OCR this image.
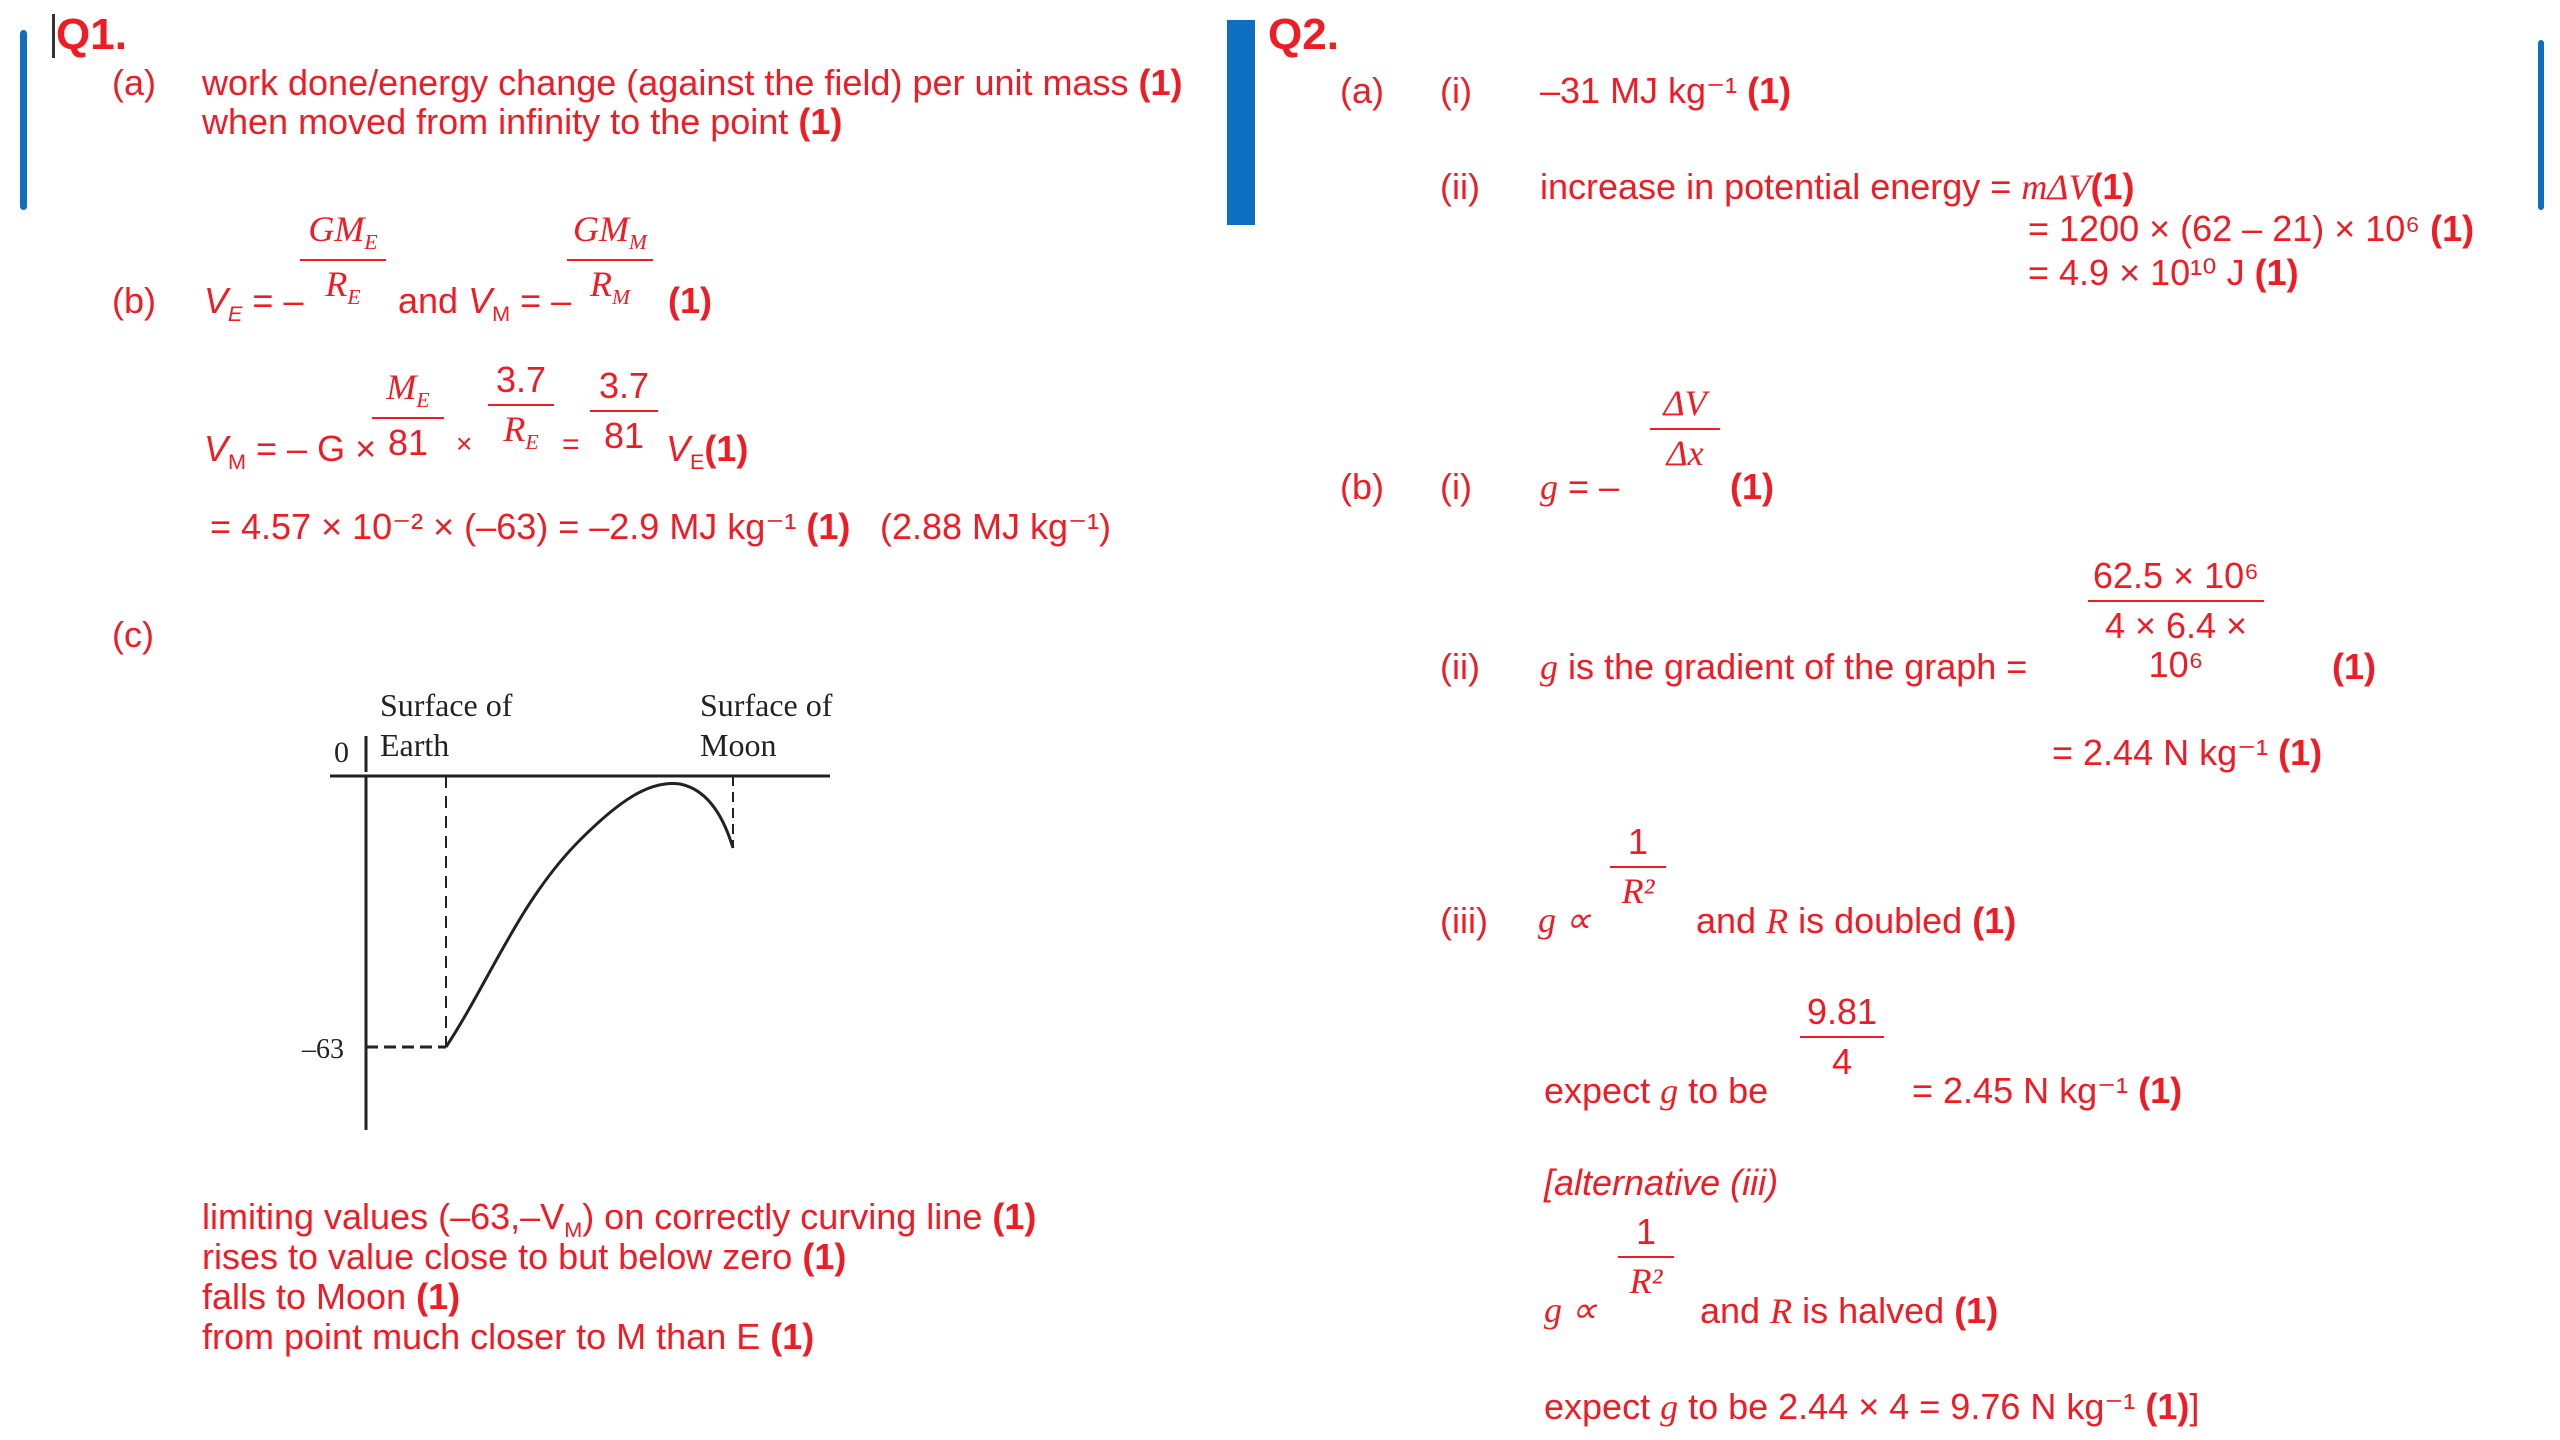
Q1.
(a) work done/energy change (against the field) per unit mass (1)
when moved from infinity to the point (1)
(b) $V_E$ = –
$GM_E$
$R_E$	and $V_M$ = –
$GM_M$
$R_M$	(1)
$V_M$ = – G ×
$\frac{M_E}{81} \times \frac{3.7}{R_E} = \frac{3.7}{81} V_E(1)$
= 4.57 × 10⁻² × (–63) = –2.9 MJ kg⁻¹ (1) (2.88 MJ kg⁻¹)
(c)
Surface of
Earth
Surface of
Moon
0
–63
limiting values $(-63,-V_M)$ on correctly curving line (1)
rises to value close to but below zero (1)
falls to Moon (1)
from point much closer to M than E (1)
Q2.
(a) (i) –31 MJ kg⁻¹ (1)
(ii) increase in potential energy = mΔV(1)
= 1200 × (62 – 21) × 10⁶ (1)
= 4.9 × 10¹⁰ J (1)
(b) (i) g = –
$\frac{\Delta V}{\Delta x}$
(1)
(ii) g is the gradient of the graph = $\frac{\text{62.5 × 10⁶}}{\text{4 × 6.4 × 10⁶}} (1)$
= 2.44 N kg⁻¹ (1)
(iii) g ∝
$\frac{1}{\text{R²}}$
and R is doubled (1)
expect g to be
$\frac{9.81}{4}$
= 2.45 N kg⁻¹ (1)
[alternative (iii)
g ∝
$\frac{1}{\text{R²}}$
and R is halved (1)
expect g to be 2.44 × 4 = 9.76 N kg⁻¹ (1)]
